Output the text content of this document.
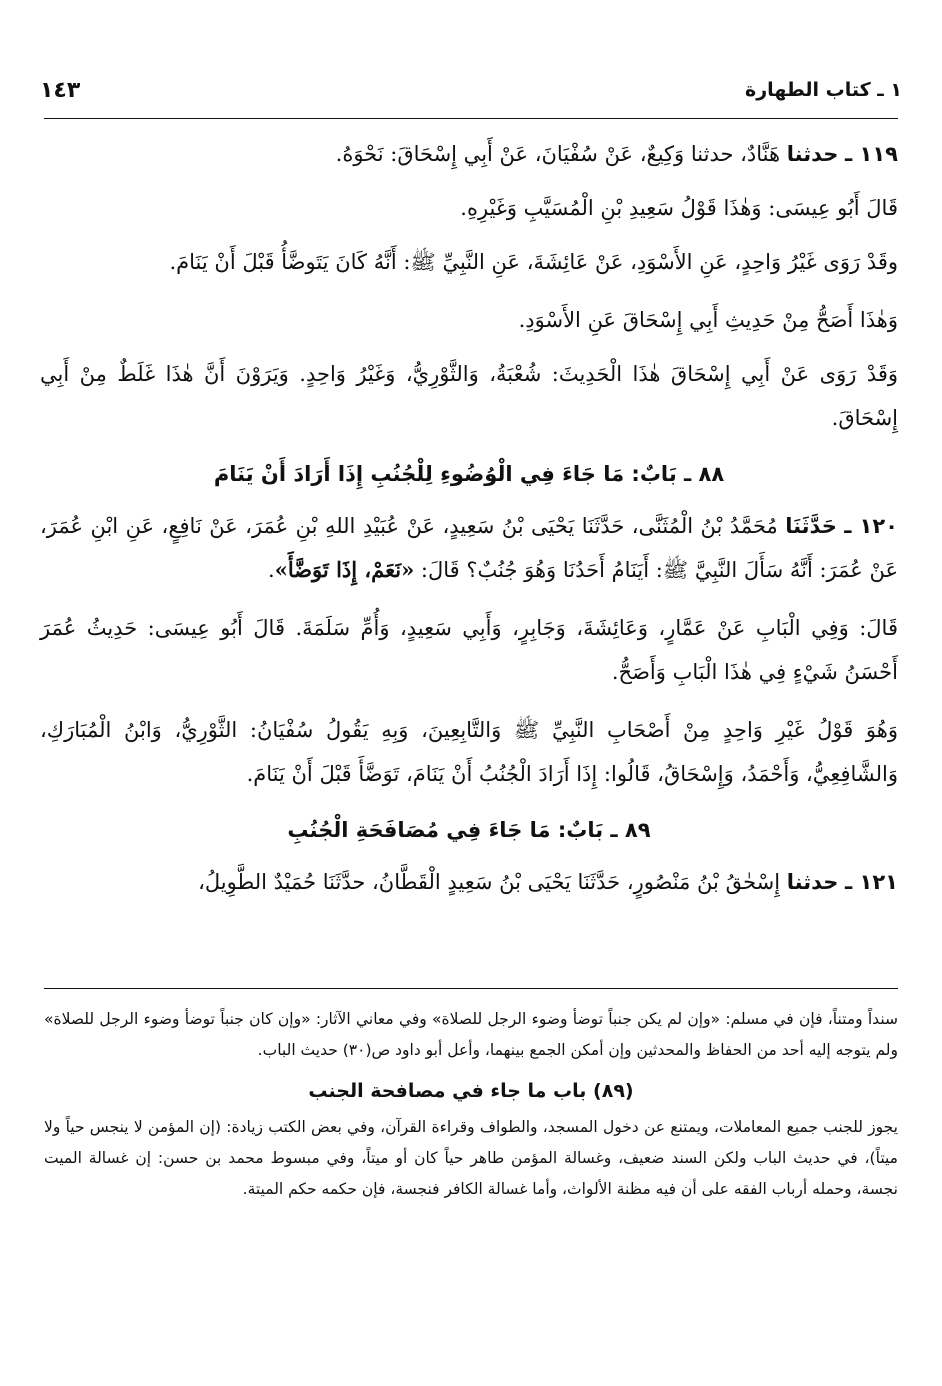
١ ـ كتاب الطهارة
١٤٣

١١٩ ـ حدثنا هَنَّادٌ، حدثنا وَكِيعٌ، عَنْ سُفْيَانَ، عَنْ أَبِي إِسْحَاقَ: نَحْوَهُ.

قَالَ أَبُو عِيسَى: وَهٰذَا قَوْلُ سَعِيدِ بْنِ الْمُسَيَّبِ وَغَيْرِهِ.

وقَدْ رَوَى غَيْرُ وَاحِدٍ، عَنِ الأَسْوَدِ، عَنْ عَائِشَةَ، عَنِ النَّبِيِّ ﷺ: أَنَّهُ كَانَ يَتَوضَّأُ قَبْلَ أَنْ يَنَامَ.

وَهٰذَا أَصَحُّ مِنْ حَدِيثِ أَبِي إِسْحَاقَ عَنِ الأَسْوَدِ.

وَقَدْ رَوَى عَنْ أَبِي إِسْحَاقَ هٰذَا الْحَدِيثَ: شُعْبَةُ، وَالثَّوْرِيُّ، وَغَيْرُ وَاحِدٍ. وَيَرَوْنَ أَنَّ هٰذَا غَلَطٌ مِنْ أَبِي إِسْحَاقَ.

٨٨ ـ بَابٌ: مَا جَاءَ فِي الْوُضُوءِ لِلْجُنُبِ إِذَا أَرَادَ أَنْ يَنَامَ

١٢٠ ـ حَدَّثَنَا مُحَمَّدُ بْنُ الْمُثَنَّى، حَدَّثَنَا يَحْيَى بْنُ سَعِيدٍ، عَنْ عُبَيْدِ اللهِ بْنِ عُمَرَ، عَنْ نَافِعٍ، عَنِ ابْنِ عُمَرَ، عَنْ عُمَرَ: أَنَّهُ سَأَلَ النَّبِيَّ ﷺ: أَيَنَامُ أَحَدُنَا وَهُوَ جُنُبٌ؟ قَالَ: «نَعَمْ، إِذَا تَوَضَّأَ».

قَالَ: وَفِي الْبَابِ عَنْ عَمَّارٍ، وَعَائِشَةَ، وَجَابِرٍ، وَأَبِي سَعِيدٍ، وَأُمِّ سَلَمَةَ. قَالَ أَبُو عِيسَى: حَدِيثُ عُمَرَ أَحْسَنُ شَيْءٍ فِي هٰذَا الْبَابِ وَأَصَحُّ.

وَهُوَ قَوْلُ غَيْرِ وَاحِدٍ مِنْ أَصْحَابِ النَّبِيِّ ﷺ وَالتَّابِعِينَ، وَبِهِ يَقُولُ سُفْيَانُ: الثَّوْرِيُّ، وَابْنُ الْمُبَارَكِ، وَالشَّافِعِيُّ، وَأَحْمَدُ، وَإِسْحَاقُ، قَالُوا: إِذَا أَرَادَ الْجُنُبُ أَنْ يَنَامَ، تَوَضَّأَ قَبْلَ أَنْ يَنَامَ.

٨٩ ـ بَابٌ: مَا جَاءَ فِي مُصَافَحَةِ الْجُنُبِ

١٢١ ـ حدثنا إِسْحٰقُ بْنُ مَنْصُورٍ، حَدَّثَنَا يَحْيَى بْنُ سَعِيدٍ الْقَطَّانُ، حدَّثَنَا حُمَيْدٌ الطَّوِيلُ،

سنداً ومتناً، فإن في مسلم: «وإن لم يكن جنباً توضأ وضوء الرجل للصلاة» وفي معاني الآثار: «وإن كان جنباً توضأ وضوء الرجل للصلاة» ولم يتوجه إليه أحد من الحفاظ والمحدثين وإن أمكن الجمع بينهما، وأعل أبو داود ص(٣٠) حديث الباب.

(٨٩) باب ما جاء في مصافحة الجنب

يجوز للجنب جميع المعاملات، ويمتنع عن دخول المسجد، والطواف وقراءة القرآن، وفي بعض الكتب زيادة: (إن المؤمن لا ينجس حياً ولا ميتاً)، في حديث الباب ولكن السند ضعيف، وغسالة المؤمن طاهر حياً كان أو ميتاً، وفي مبسوط محمد بن حسن: إن غسالة الميت نجسة، وحمله أرباب الفقه على أن فيه مظنة الألواث، وأما غسالة الكافر فنجسة، فإن حكمه حكم الميتة.
